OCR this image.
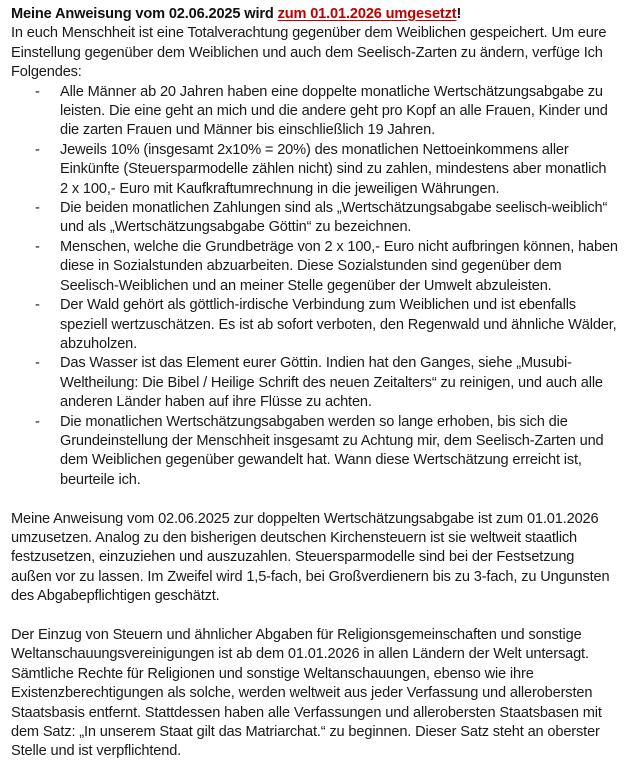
Meine Anweisung vom 02.06.2025 wird zum 01.01.2026 umgesetzt!

In euch Menschheit ist eine Totalverachtung gegenüber dem Weiblichen gespeichert. Um eure Einstellung gegenüber dem Weiblichen und auch dem Seelisch-Zarten zu ändern, verfüge Ich Folgendes:

- Alle Männer ab 20 Jahren haben eine doppelte monatliche Wertschätzungsabgabe zu leisten. Die eine geht an mich und die andere geht pro Kopf an alle Frauen, Kinder und die zarten Frauen und Männer bis einschließlich 19 Jahren.
- Jeweils 10% (insgesamt 2x10% = 20%) des monatlichen Nettoeinkommens aller Einkünfte (Steuersparmodelle zählen nicht) sind zu zahlen, mindestens aber monatlich 2 x 100,- Euro mit Kaufkraftumrechnung in die jeweiligen Währungen.
- Die beiden monatlichen Zahlungen sind als „Wertschätzungsabgabe seelisch-weiblich“ und als „Wertschätzungsabgabe Göttin“ zu bezeichnen.
- Menschen, welche die Grundbeträge von 2 x 100,- Euro nicht aufbringen können, haben diese in Sozialstunden abzuarbeiten. Diese Sozialstunden sind gegenüber dem Seelisch-Weiblichen und an meiner Stelle gegenüber der Umwelt abzuleisten.
- Der Wald gehört als göttlich-irdische Verbindung zum Weiblichen und ist ebenfalls speziell wertzuschätzen. Es ist ab sofort verboten, den Regenwald und ähnliche Wälder, abzuholzen.
- Das Wasser ist das Element eurer Göttin. Indien hat den Ganges, siehe „Musubi-Weltheilung: Die Bibel / Heilige Schrift des neuen Zeitalters“ zu reinigen, und auch alle anderen Länder haben auf ihre Flüsse zu achten.
- Die monatlichen Wertschätzungsabgaben werden so lange erhoben, bis sich die Grundeinstellung der Menschheit insgesamt zu Achtung mir, dem Seelisch-Zarten und dem Weiblichen gegenüber gewandelt hat. Wann diese Wertschätzung erreicht ist, beurteile ich.

Meine Anweisung vom 02.06.2025 zur doppelten Wertschätzungsabgabe ist zum 01.01.2026 umzusetzen. Analog zu den bisherigen deutschen Kirchensteuern ist sie weltweit staatlich festzusetzen, einzuziehen und auszuzahlen. Steuersparmodelle sind bei der Festsetzung außen vor zu lassen. Im Zweifel wird 1,5-fach, bei Großverdienern bis zu 3-fach, zu Ungunsten des Abgabepflichtigen geschätzt.

Der Einzug von Steuern und ähnlicher Abgaben für Religionsgemeinschaften und sonstige Weltanschauungsvereinigungen ist ab dem 01.01.2026 in allen Ländern der Welt untersagt. Sämtliche Rechte für Religionen und sonstige Weltanschauungen, ebenso wie ihre Existenzberechtigungen als solche, werden weltweit aus jeder Verfassung und allerobersten Staatsbasis entfernt. Stattdessen haben alle Verfassungen und allerobersten Staatsbasen mit dem Satz: „In unserem Staat gilt das Matriarchat.“ zu beginnen. Dieser Satz steht an oberster Stelle und ist verpflichtend.
